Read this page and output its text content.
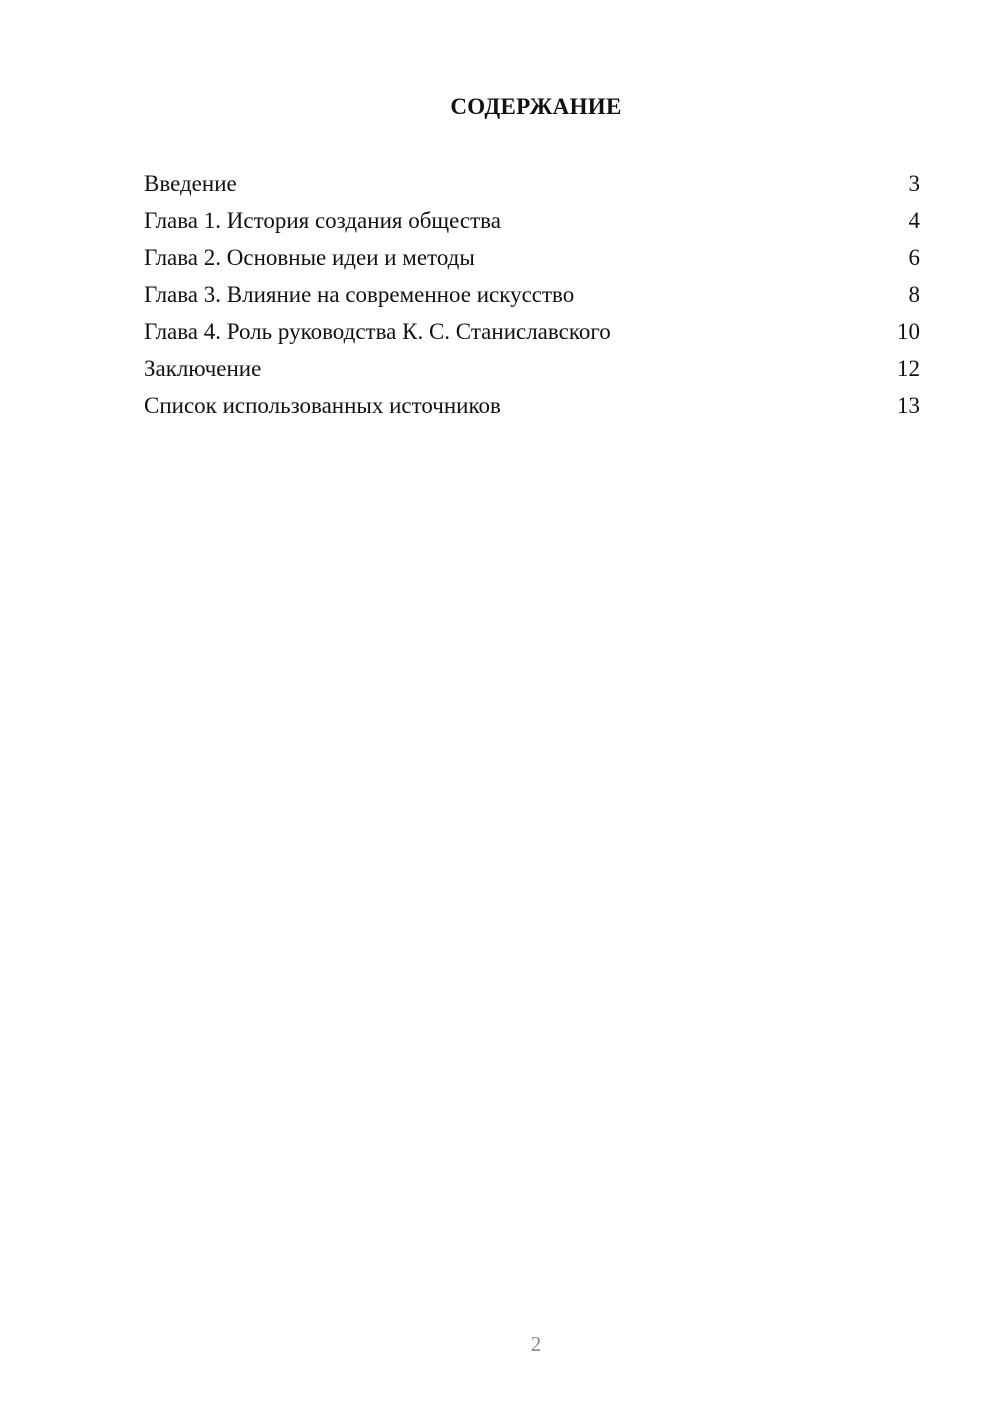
СОДЕРЖАНИЕ
Введение	3
Глава 1. История создания общества	4
Глава 2. Основные идеи и методы	6
Глава 3. Влияние на современное искусство	8
Глава 4. Роль руководства К. С. Станиславского	10
Заключение	12
Список использованных источников	13
2
